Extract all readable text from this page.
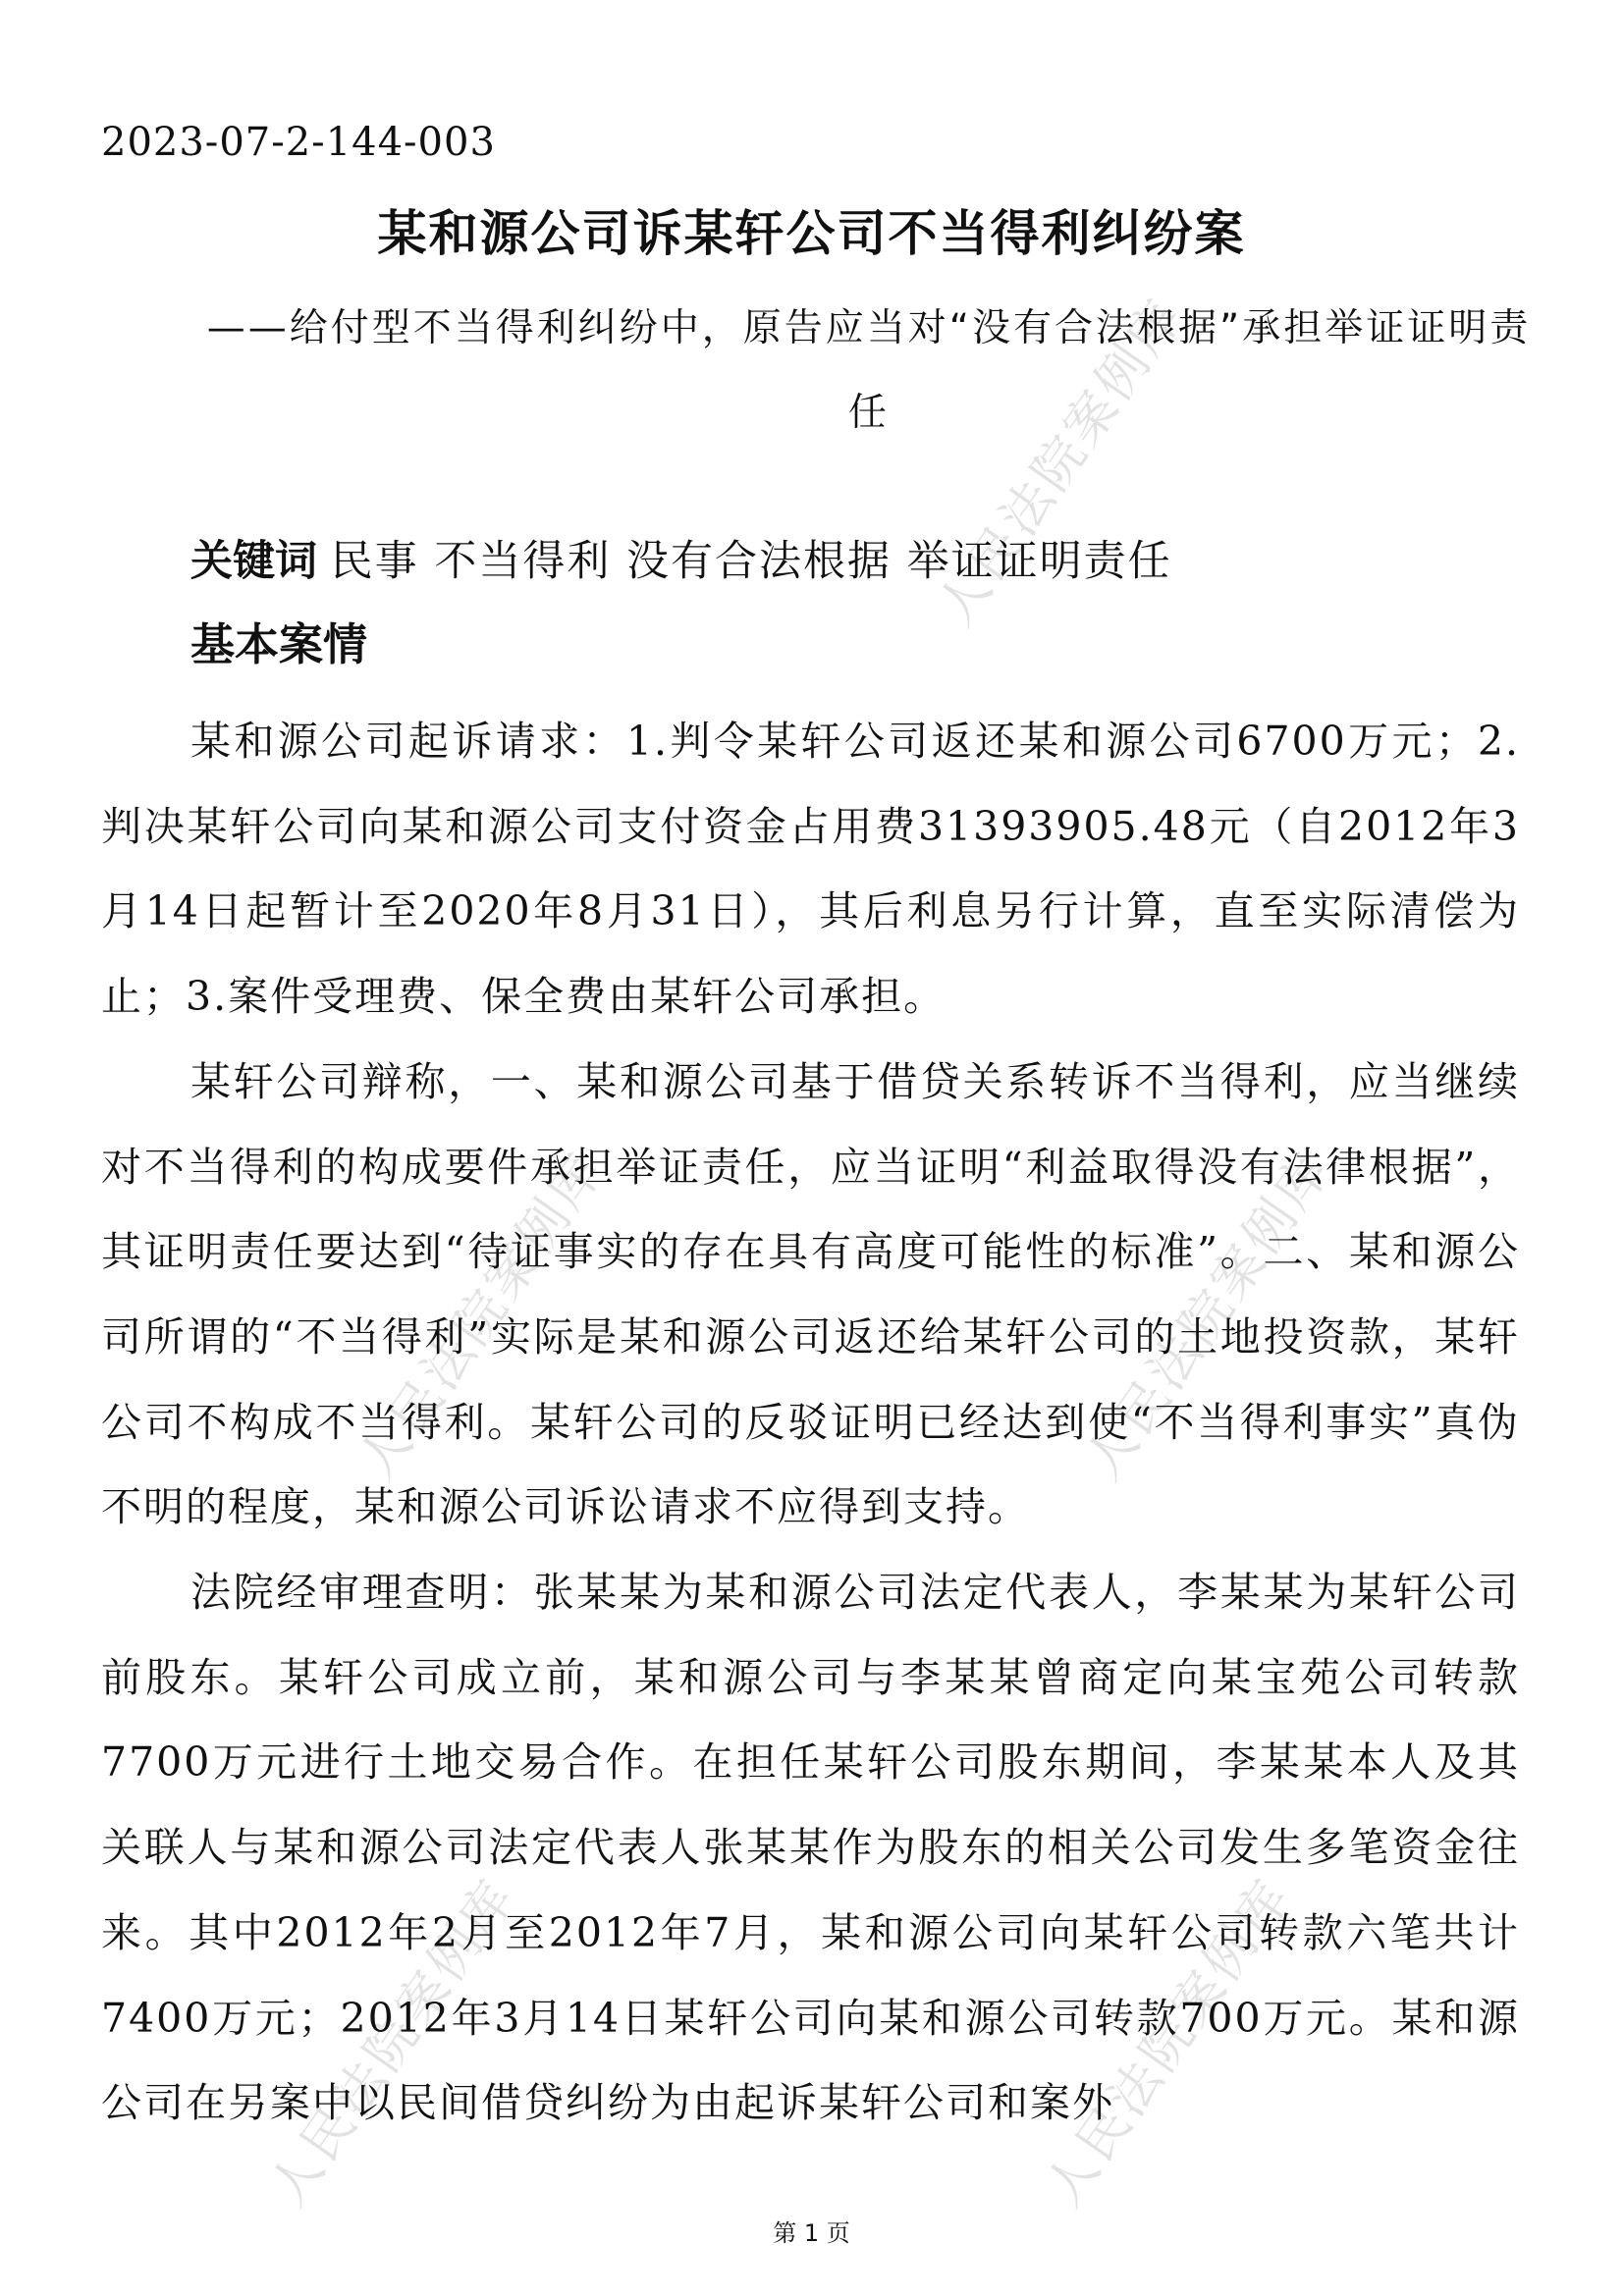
人民法院案例库
人民法院案例库	人民法院案例库
人民法院案例库	人民法院案例库
2023-07-2-144-003
某和源公司诉某轩公司不当得利纠纷案
——给付型不当得利纠纷中，原告应当对“没有合法根据”承担举证证明责任
关键词 民事 不当得利 没有合法根据 举证证明责任
基本案情

某和源公司起诉请求：1.判令某轩公司返还某和源公司6700万元；2.判决某轩公司向某和源公司支付资金占用费31393905.48元（自2012年3月14日起暂计至2020年8月31日），其后利息另行计算，直至实际清偿为止；3.案件受理费、保全费由某轩公司承担。

某轩公司辩称，一、某和源公司基于借贷关系转诉不当得利，应当继续对不当得利的构成要件承担举证责任，应当证明“利益取得没有法律根据”，其证明责任要达到“待证事实的存在具有高度可能性的标准”。二、某和源公司所谓的“不当得利”实际是某和源公司返还给某轩公司的土地投资款，某轩公司不构成不当得利。某轩公司的反驳证明已经达到使“不当得利事实”真伪不明的程度，某和源公司诉讼请求不应得到支持。

法院经审理查明：张某某为某和源公司法定代表人，李某某为某轩公司前股东。某轩公司成立前，某和源公司与李某某曾商定向某宝苑公司转款7700万元进行土地交易合作。在担任某轩公司股东期间，李某某本人及其关联人与某和源公司法定代表人张某某作为股东的相关公司发生多笔资金往来。其中2012年2月至2012年7月，某和源公司向某轩公司转款六笔共计7400万元；2012年3月14日某轩公司向某和源公司转款700万元。某和源公司在另案中以民间借贷纠纷为由起诉某轩公司和案外

第 1 页
